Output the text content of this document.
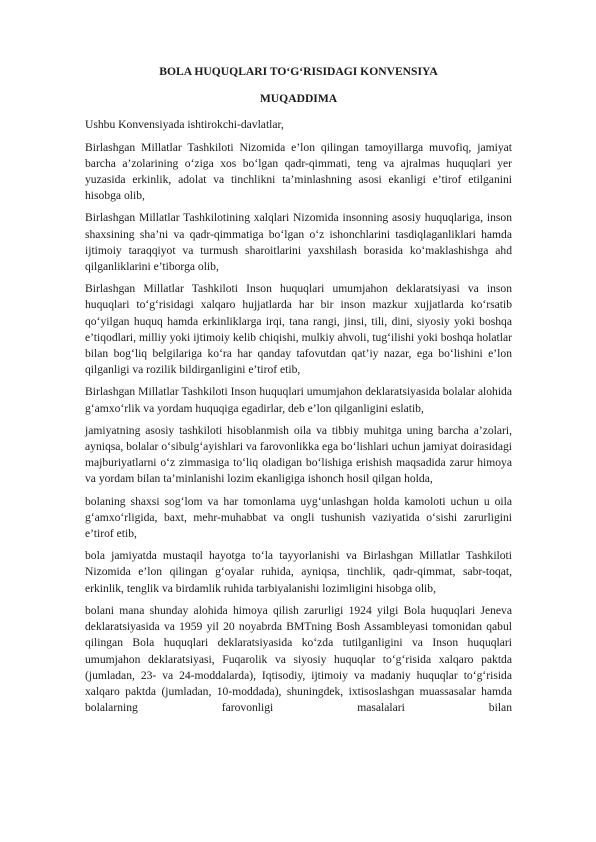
BOLA HUQUQLARI TO‘G‘RISIDAGI KONVENSIYA
MUQADDIMA
Ushbu Konvensiyada ishtirokchi-davlatlar,
Birlashgan Millatlar Tashkiloti Nizomida e’lon qilingan tamoyillarga muvofiq, jamiyat barcha a’zolarining o‘ziga xos bo‘lgan qadr-qimmati, teng va ajralmas huquqlari yer yuzasida erkinlik, adolat va tinchlikni ta’minlashning asosi ekanligi e’tirof etilganini hisobga olib,
Birlashgan Millatlar Tashkilotining xalqlari Nizomida insonning asosiy huquqlariga, inson shaxsining sha’ni va qadr-qimmatiga bo‘lgan o‘z ishonchlarini tasdiqlaganliklari hamda ijtimoiy taraqqiyot va turmush sharoitlarini yaxshilash borasida ko‘maklashishga ahd qilganliklarini e’tiborga olib,
Birlashgan Millatlar Tashkiloti Inson huquqlari umumjahon deklaratsiyasi va inson huquqlari to‘g‘risidagi xalqaro hujjatlarda har bir inson mazkur xujjatlarda ko‘rsatib qo‘yilgan huquq hamda erkinliklarga irqi, tana rangi, jinsi, tili, dini, siyosiy yoki boshqa e’tiqodlari, milliy yoki ijtimoiy kelib chiqishi, mulkiy ahvoli, tug‘ilishi yoki boshqa holatlar bilan bog‘liq belgilariga ko‘ra har qanday tafovutdan qat’iy nazar, ega bo‘lishini e’lon qilganligi va rozilik bildirganligini e’tirof etib,
Birlashgan Millatlar Tashkiloti Inson huquqlari umumjahon deklaratsiyasida bolalar alohida g‘amxo‘rlik va yordam huquqiga egadirlar, deb e’lon qilganligini eslatib,
jamiyatning asosiy tashkiloti hisoblanmish oila va tibbiy muhitga uning barcha a’zolari, ayniqsa, bolalar o‘sibulg‘ayishlari va farovonlikka ega bo‘lishlari uchun jamiyat doirasidagi majburiyatlarni o‘z zimmasiga to‘liq oladigan bo‘lishiga erishish maqsadida zarur himoya va yordam bilan ta’minlanishi lozim ekanligiga ishonch hosil qilgan holda,
bolaning shaxsi sog‘lom va har tomonlama uyg‘unlashgan holda kamoloti uchun u oila g‘amxo‘rligida, baxt, mehr-muhabbat va ongli tushunish vaziyatida o‘sishi zarurligini e’tirof etib,
bola jamiyatda mustaqil hayotga to‘la tayyorlanishi va Birlashgan Millatlar Tashkiloti Nizomida e’lon qilingan g‘oyalar ruhida, ayniqsa, tinchlik, qadr-qimmat, sabr-toqat, erkinlik, tenglik va birdamlik ruhida tarbiyalanishi lozimligini hisobga olib,
bolani mana shunday alohida himoya qilish zarurligi 1924 yilgi Bola huquqlari Jeneva deklaratsiyasida va 1959 yil 20 noyabrda BMTning Bosh Assambleyasi tomonidan qabul qilingan Bola huquqlari deklaratsiyasida ko‘zda tutilganligini va Inson huquqlari umumjahon deklaratsiyasi, Fuqarolik va siyosiy huquqlar to‘g‘risida xalqaro paktda (jumladan, 23- va 24-moddalarda), Iqtisodiy, ijtimoiy va madaniy huquqlar to‘g‘risida xalqaro paktda (jumladan, 10-moddada), shuningdek, ixtisoslashgan muassasalar hamda bolalarning farovonligi masalalari bilan
